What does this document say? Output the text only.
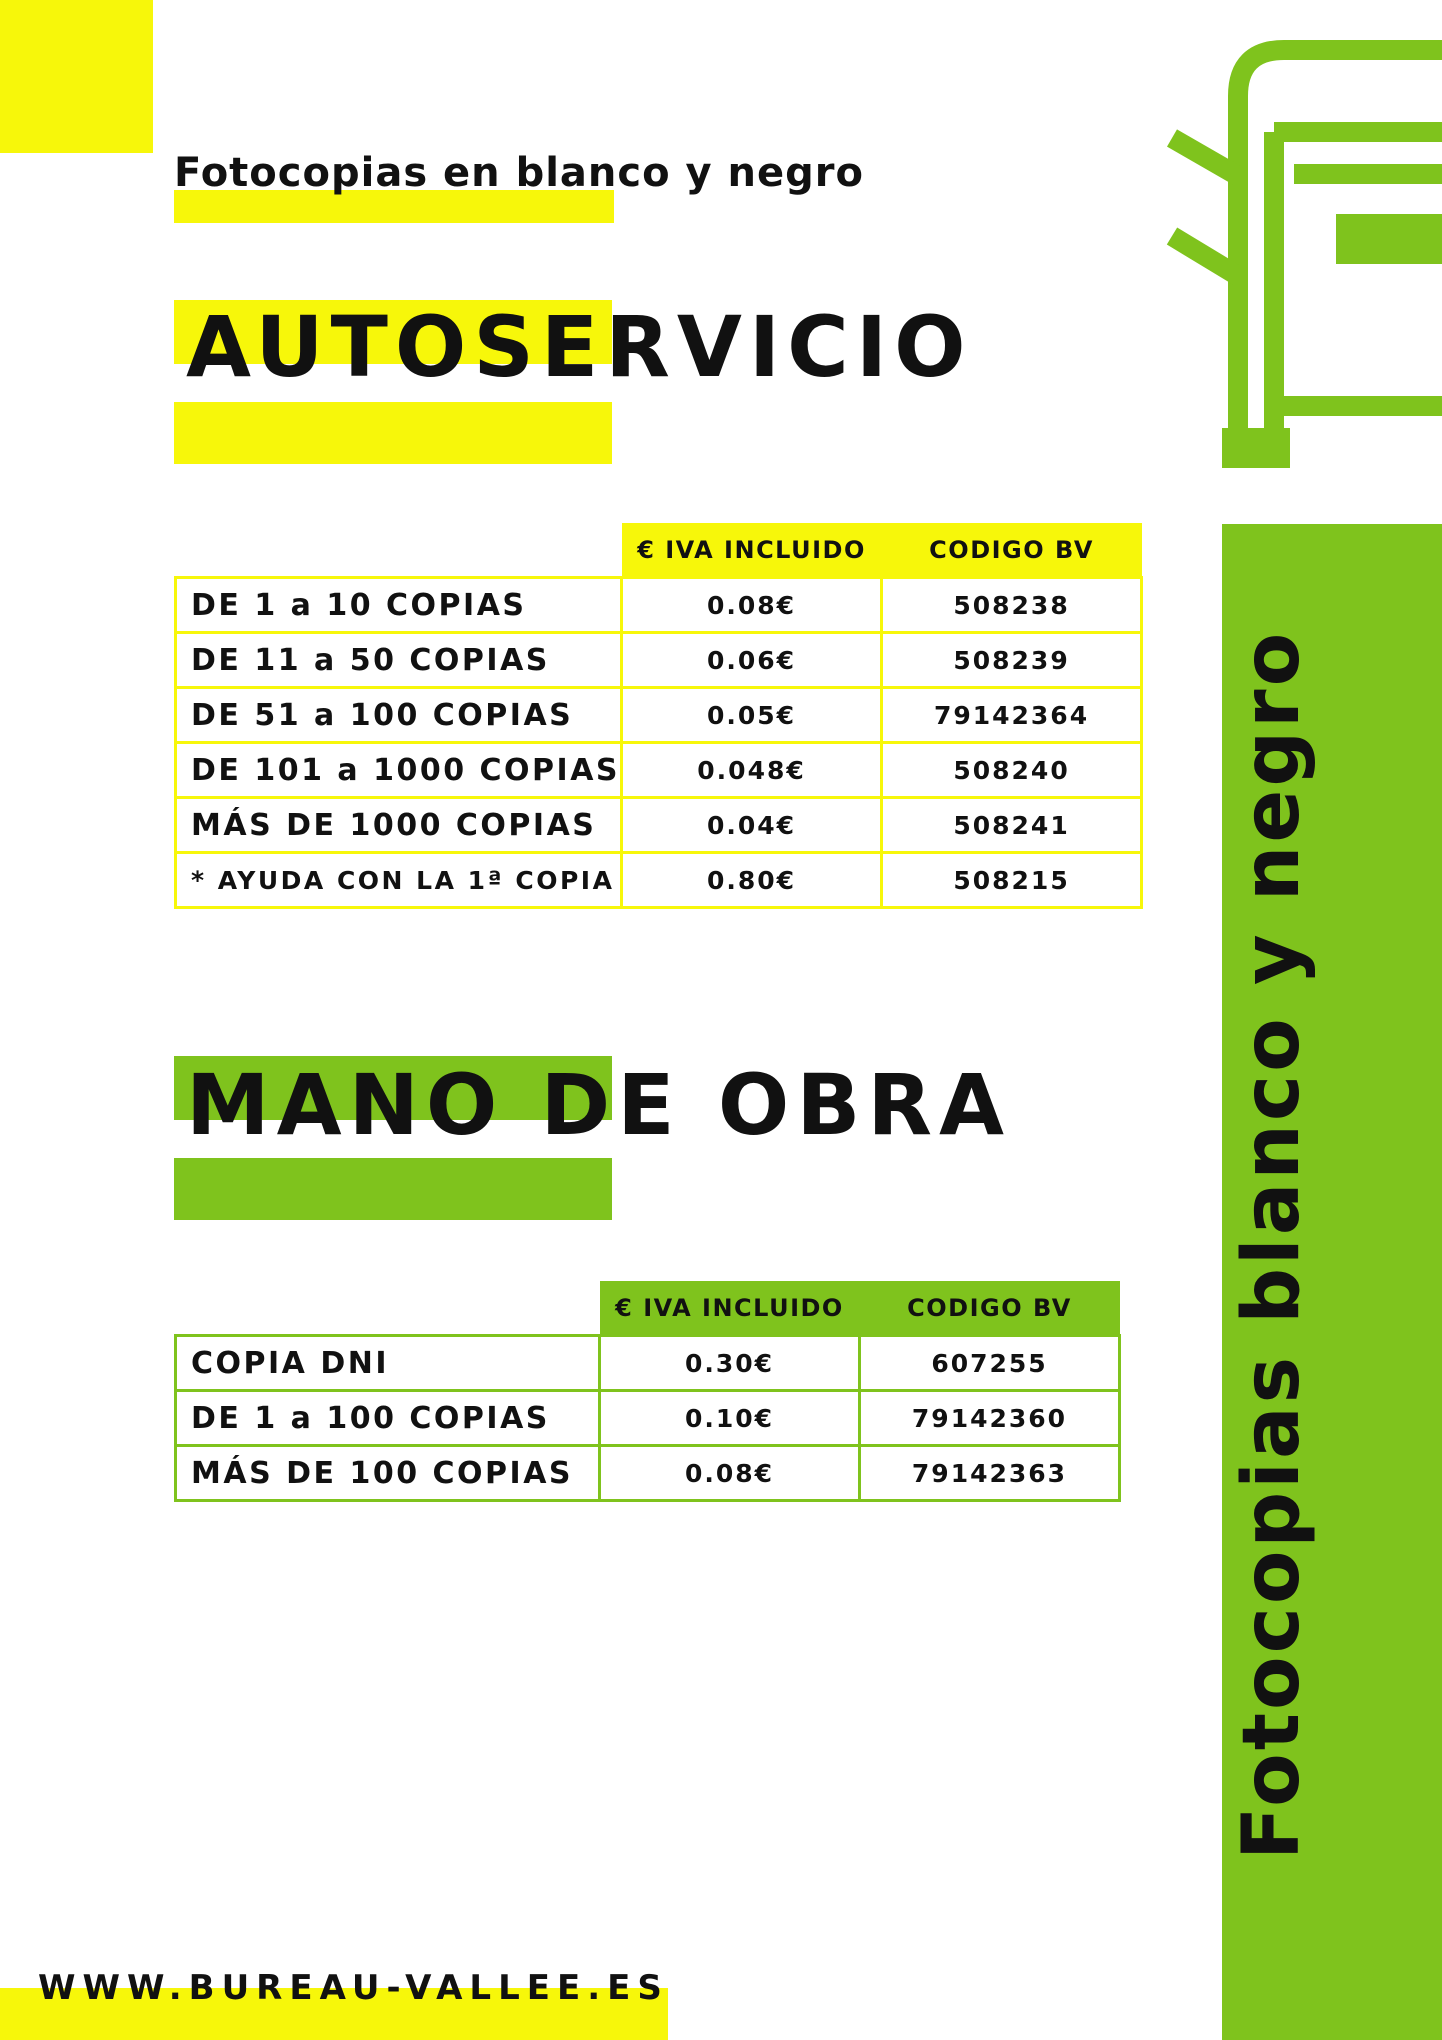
Fotocopias en blanco y negro
AUTOSERVICIO
	€ IVA INCLUIDO	CODIGO BV
DE 1 a 10 COPIAS	0.08€	508238
DE 11 a 50 COPIAS	0.06€	508239
DE 51 a 100 COPIAS	0.05€	79142364
DE 101 a 1000 COPIAS	0.048€	508240
MÁS DE 1000 COPIAS	0.04€	508241
* AYUDA CON LA 1ª COPIA	0.80€	508215
MANO DE OBRA
	€ IVA INCLUIDO	CODIGO BV
COPIA DNI	0.30€	607255
DE 1 a 100 COPIAS	0.10€	79142360
MÁS DE 100 COPIAS	0.08€	79142363 Fotocopias blanco y negro
WWW.BUREAU-VALLEE.ES
